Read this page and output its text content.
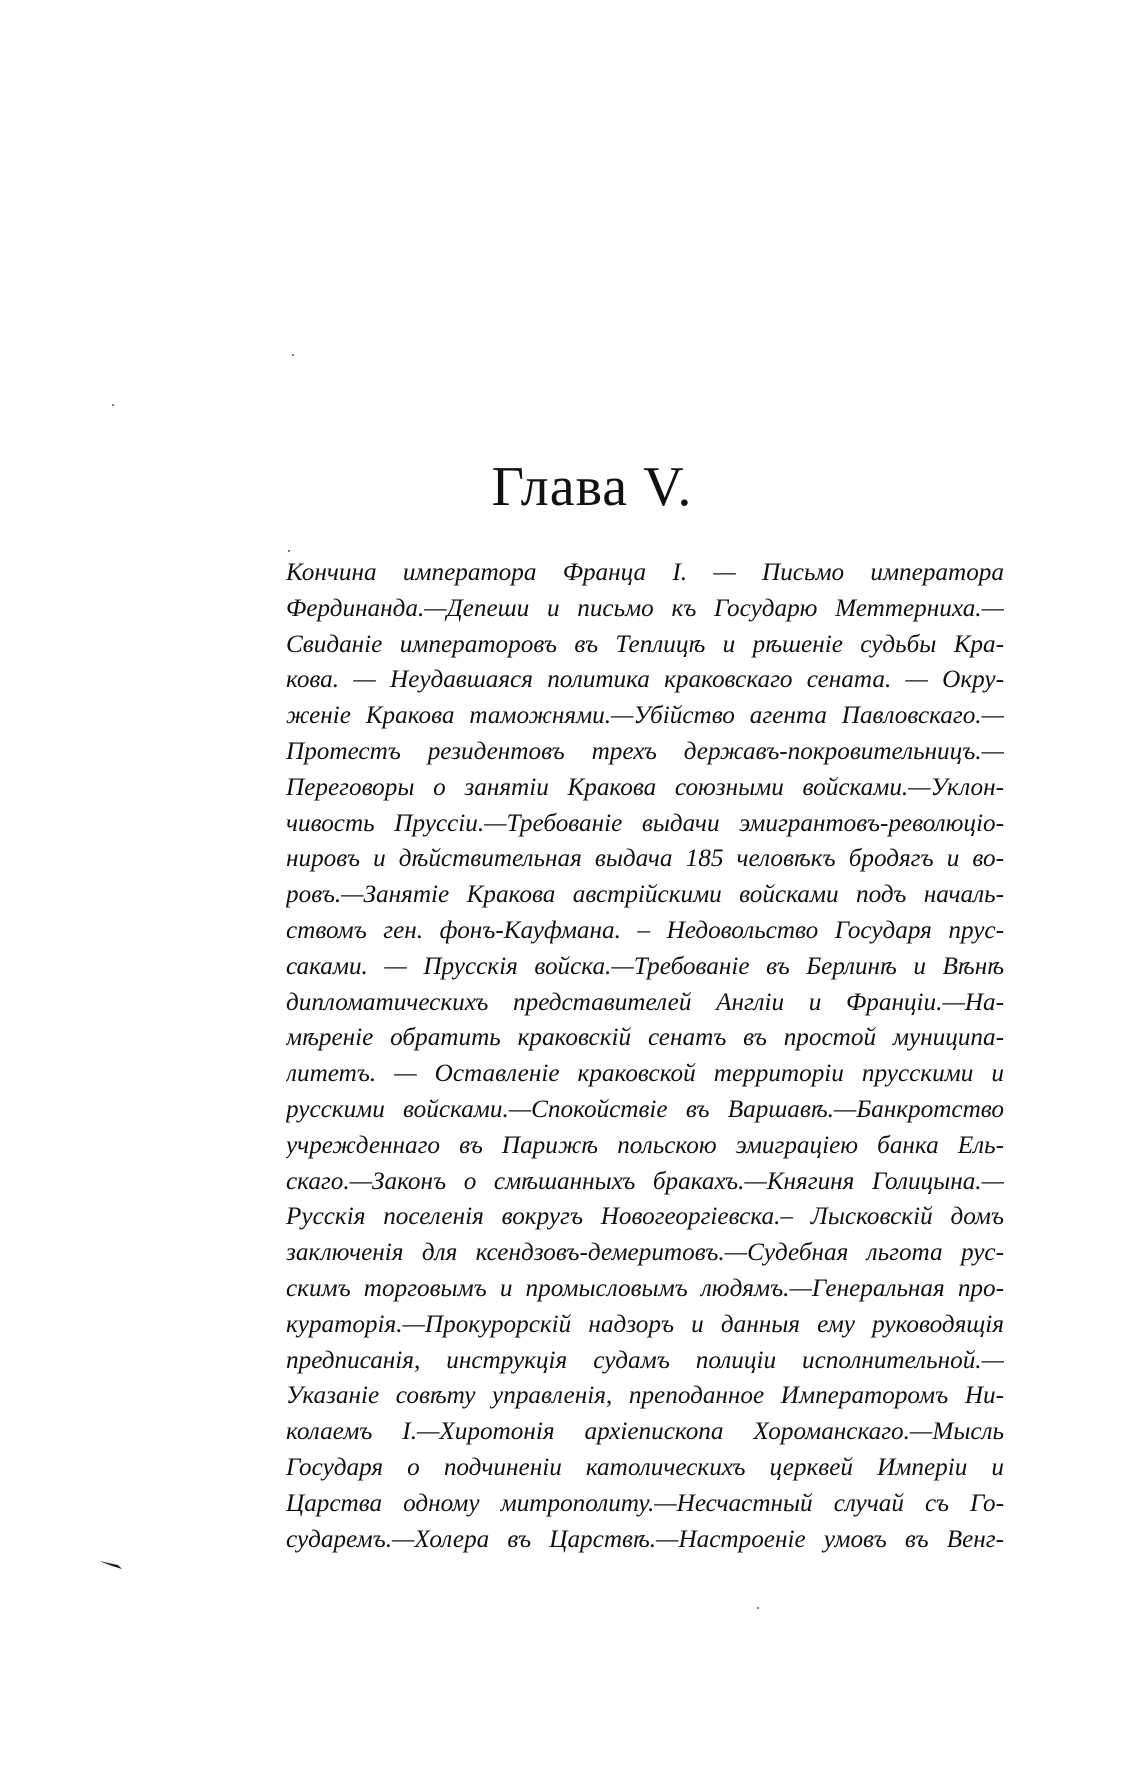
Глава V.
Кончина императора Франца I. — Письмо императора
Фердинанда.—Депеши и письмо къ Государю Меттерниха.—
Свиданіе императоровъ въ Теплицѣ и рѣшеніе судьбы Кра-
кова. — Неудавшаяся политика краковскаго сената. — Окру-
женіе Кракова таможнями.—Убійство агента Павловскаго.—
Протестъ резидентовъ трехъ державъ-покровительницъ.—
Переговоры о занятіи Кракова союзными войсками.—Уклон-
чивость Пруссіи.—Требованіе выдачи эмигрантовъ-революціо-
нировъ и дѣйствительная выдача 185 человѣкъ бродягъ и во-
ровъ.—Занятіе Кракова австрійскими войсками подъ началь-
ствомъ ген. фонъ-Кауфмана. – Недовольство Государя прус-
саками. — Прусскія войска.—Требованіе въ Берлинѣ и Вѣнѣ
дипломатическихъ представителей Англіи и Франціи.—На-
мѣреніе обратить краковскій сенатъ въ простой муниципа-
литетъ. — Оставленіе краковской территоріи прусскими и
русскими войсками.—Спокойствіе въ Варшавѣ.—Банкротство
учрежденнаго въ Парижѣ польскою эмиграціею банка Ель-
скаго.—Законъ о смѣшанныхъ бракахъ.—Княгиня Голицына.—
Русскія поселенія вокругъ Новогеоргіевска.– Лысковскій домъ
заключенія для ксендзовъ-демеритовъ.—Судебная льгота рус-
скимъ торговымъ и промысловымъ людямъ.—Генеральная про-
куpaтopiя.—Прокурорскій надзоръ и данныя ему руководящія
предписанія, инструкція судамъ полиціи исполнительной.—
Указаніе совѣту управленія, преподанное Императоромъ Ни-
колаемъ I.—Хиротонія архіепископа Хороманскаго.—Мысль
Государя о подчиненіи католическихъ церквей Имперіи и
Царства одному митрополиту.—Несчастный случай съ Го-
сударемъ.—Холера въ Царствѣ.—Настроеніе умовъ въ Венг-
